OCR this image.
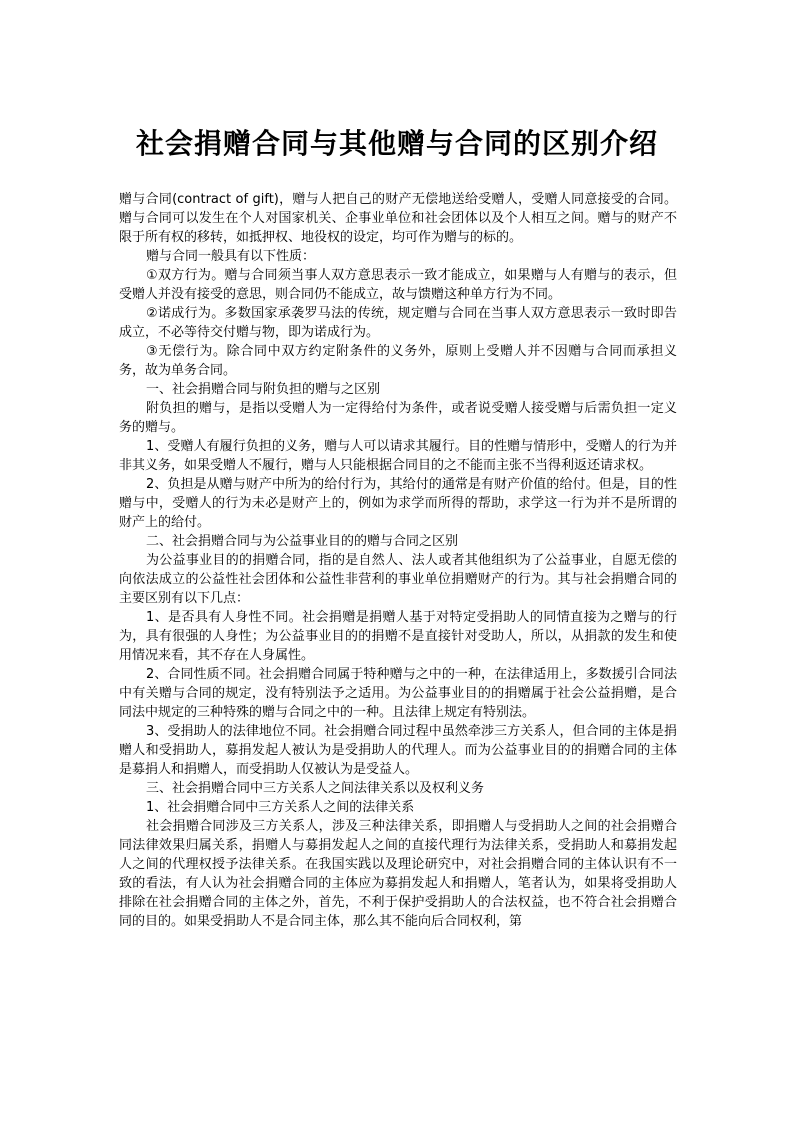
社会捐赠合同与其他赠与合同的区别介绍

赠与合同(contract of gift)，赠与人把自己的财产无偿地送给受赠人，受赠人同意接受的合同。赠与合同可以发生在个人对国家机关、企事业单位和社会团体以及个人相互之间。赠与的财产不限于所有权的移转，如抵押权、地役权的设定，均可作为赠与的标的。

赠与合同一般具有以下性质：

①双方行为。赠与合同须当事人双方意思表示一致才能成立，如果赠与人有赠与的表示，但受赠人并没有接受的意思，则合同仍不能成立，故与馈赠这种单方行为不同。

②诺成行为。多数国家承袭罗马法的传统，规定赠与合同在当事人双方意思表示一致时即告成立，不必等待交付赠与物，即为诺成行为。

③无偿行为。除合同中双方约定附条件的义务外，原则上受赠人并不因赠与合同而承担义务，故为单务合同。

一、社会捐赠合同与附负担的赠与之区别

附负担的赠与，是指以受赠人为一定得给付为条件，或者说受赠人接受赠与后需负担一定义务的赠与。

1、受赠人有履行负担的义务，赠与人可以请求其履行。目的性赠与情形中，受赠人的行为并非其义务，如果受赠人不履行，赠与人只能根据合同目的之不能而主张不当得利返还请求权。

2、负担是从赠与财产中所为的给付行为，其给付的通常是有财产价值的给付。但是，目的性赠与中，受赠人的行为未必是财产上的，例如为求学而所得的帮助，求学这一行为并不是所谓的财产上的给付。

二、社会捐赠合同与为公益事业目的的赠与合同之区别

为公益事业目的的捐赠合同，指的是自然人、法人或者其他组织为了公益事业，自愿无偿的向依法成立的公益性社会团体和公益性非营利的事业单位捐赠财产的行为。其与社会捐赠合同的主要区别有以下几点：

1、是否具有人身性不同。社会捐赠是捐赠人基于对特定受捐助人的同情直接为之赠与的行为，具有很强的人身性；为公益事业目的的捐赠不是直接针对受助人，所以，从捐款的发生和使用情况来看，其不存在人身属性。

2、合同性质不同。社会捐赠合同属于特种赠与之中的一种，在法律适用上，多数援引合同法中有关赠与合同的规定，没有特别法予之适用。为公益事业目的的捐赠属于社会公益捐赠，是合同法中规定的三种特殊的赠与合同之中的一种。且法律上规定有特别法。

3、受捐助人的法律地位不同。社会捐赠合同过程中虽然牵涉三方关系人，但合同的主体是捐赠人和受捐助人，募捐发起人被认为是受捐助人的代理人。而为公益事业目的的捐赠合同的主体是募捐人和捐赠人，而受捐助人仅被认为是受益人。

三、社会捐赠合同中三方关系人之间法律关系以及权利义务

1、社会捐赠合同中三方关系人之间的法律关系

社会捐赠合同涉及三方关系人，涉及三种法律关系，即捐赠人与受捐助人之间的社会捐赠合同法律效果归属关系，捐赠人与募捐发起人之间的直接代理行为法律关系，受捐助人和募捐发起人之间的代理权授予法律关系。在我国实践以及理论研究中，对社会捐赠合同的主体认识有不一致的看法，有人认为社会捐赠合同的主体应为募捐发起人和捐赠人，笔者认为，如果将受捐助人排除在社会捐赠合同的主体之外，首先，不利于保护受捐助人的合法权益，也不符合社会捐赠合同的目的。如果受捐助人不是合同主体，那么其不能向后合同权利，第
